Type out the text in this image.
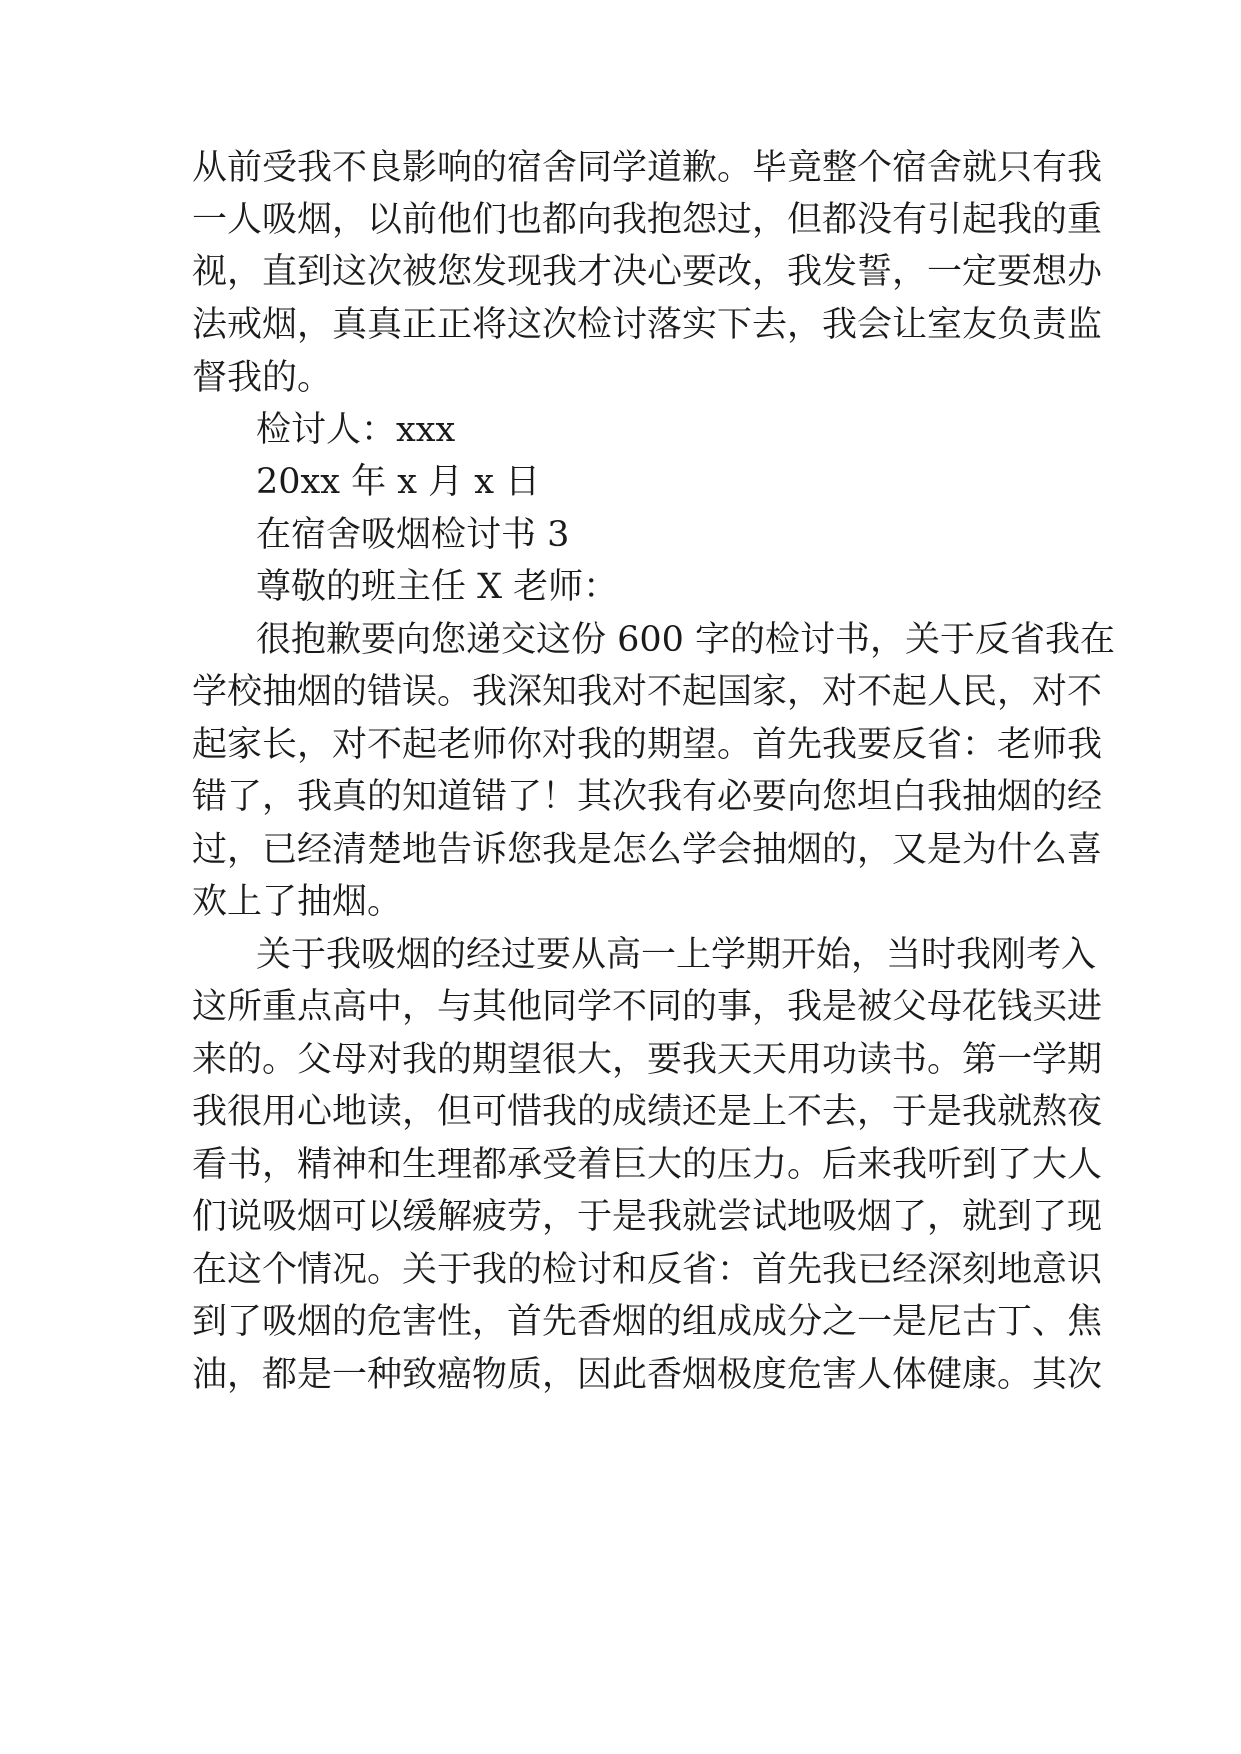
从前受我不良影响的宿舍同学道歉。毕竟整个宿舍就只有我
一人吸烟，以前他们也都向我抱怨过，但都没有引起我的重
视，直到这次被您发现我才决心要改，我发誓，一定要想办
法戒烟，真真正正将这次检讨落实下去，我会让室友负责监
督我的。
检讨人：xxx
20xx 年 x 月 x 日
在宿舍吸烟检讨书 3
尊敬的班主任 X 老师：
很抱歉要向您递交这份 600 字的检讨书，关于反省我在
学校抽烟的错误。我深知我对不起国家，对不起人民，对不
起家长，对不起老师你对我的期望。首先我要反省：老师我
错了，我真的知道错了！其次我有必要向您坦白我抽烟的经
过，已经清楚地告诉您我是怎么学会抽烟的，又是为什么喜
欢上了抽烟。
关于我吸烟的经过要从高一上学期开始，当时我刚考入
这所重点高中，与其他同学不同的事，我是被父母花钱买进
来的。父母对我的期望很大，要我天天用功读书。第一学期
我很用心地读，但可惜我的成绩还是上不去，于是我就熬夜
看书，精神和生理都承受着巨大的压力。后来我听到了大人
们说吸烟可以缓解疲劳，于是我就尝试地吸烟了，就到了现
在这个情况。关于我的检讨和反省：首先我已经深刻地意识
到了吸烟的危害性，首先香烟的组成成分之一是尼古丁、焦
油，都是一种致癌物质，因此香烟极度危害人体健康。其次
